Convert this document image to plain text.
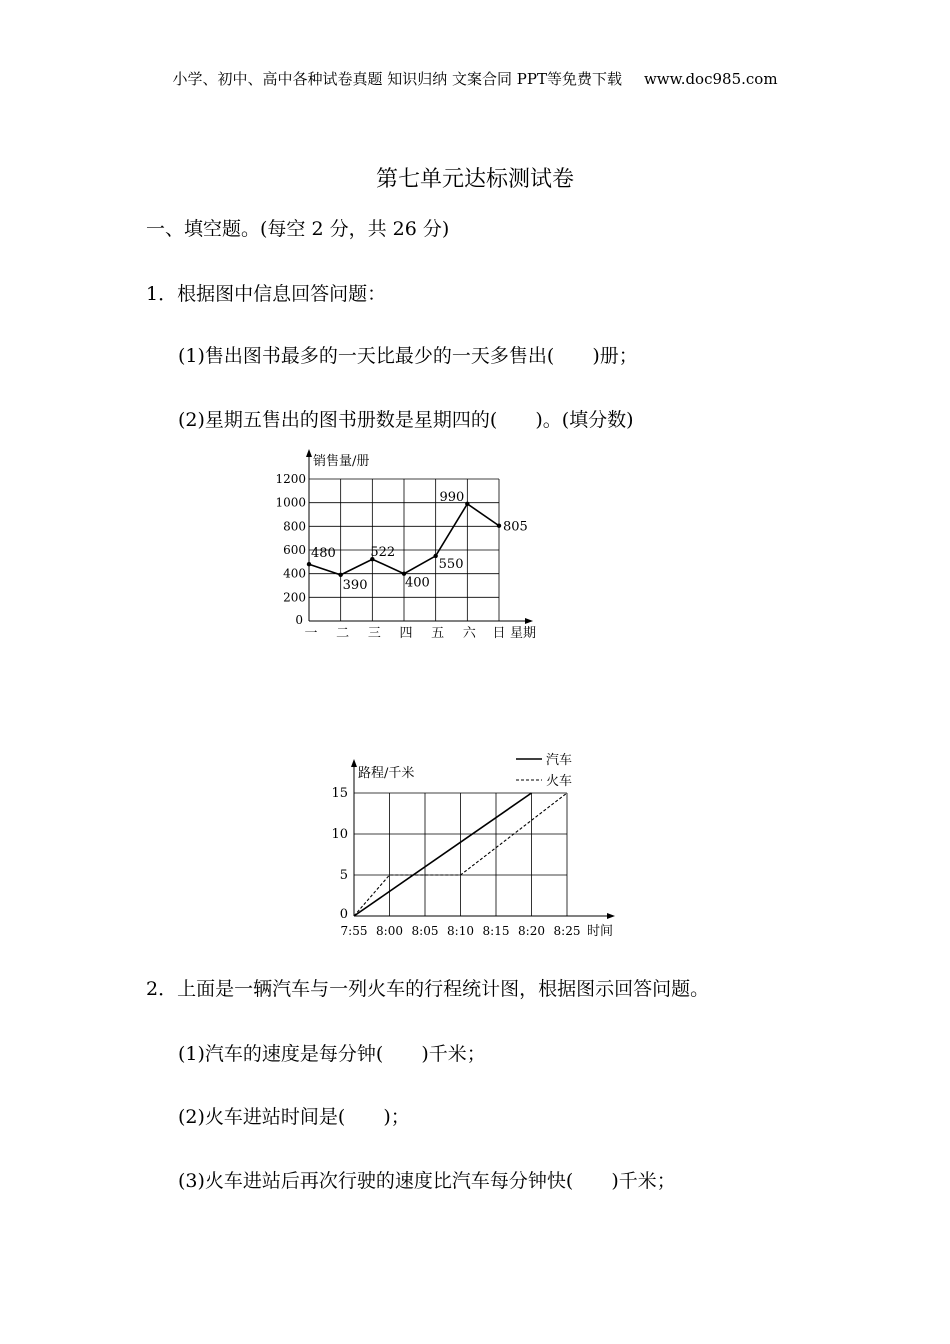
小学、初中、高中各种试卷真题 知识归纳 文案合同 PPT等免费下载 www.doc985.com
第七单元达标测试卷
一、填空题。(每空 2 分，共 26 分)
1．根据图中信息回答问题：
(1)售出图书最多的一天比最少的一天多售出(　　)册；
(2)星期五售出的图书册数是星期四的(　　)。(填分数)
销售量/册
0
200
400
600
800
1000
1200
一 二 三 四 五 六 日 星期
480
390
522
400
550
990
805
路程/千米
0
5
10
15
7:55 8:00 8:05 8:10 8:15 8:20 8:25 时间
汽车
火车
2．上面是一辆汽车与一列火车的行程统计图，根据图示回答问题。
(1)汽车的速度是每分钟(　　)千米；
(2)火车进站时间是(　　)；
(3)火车进站后再次行驶的速度比汽车每分钟快(　　)千米；
